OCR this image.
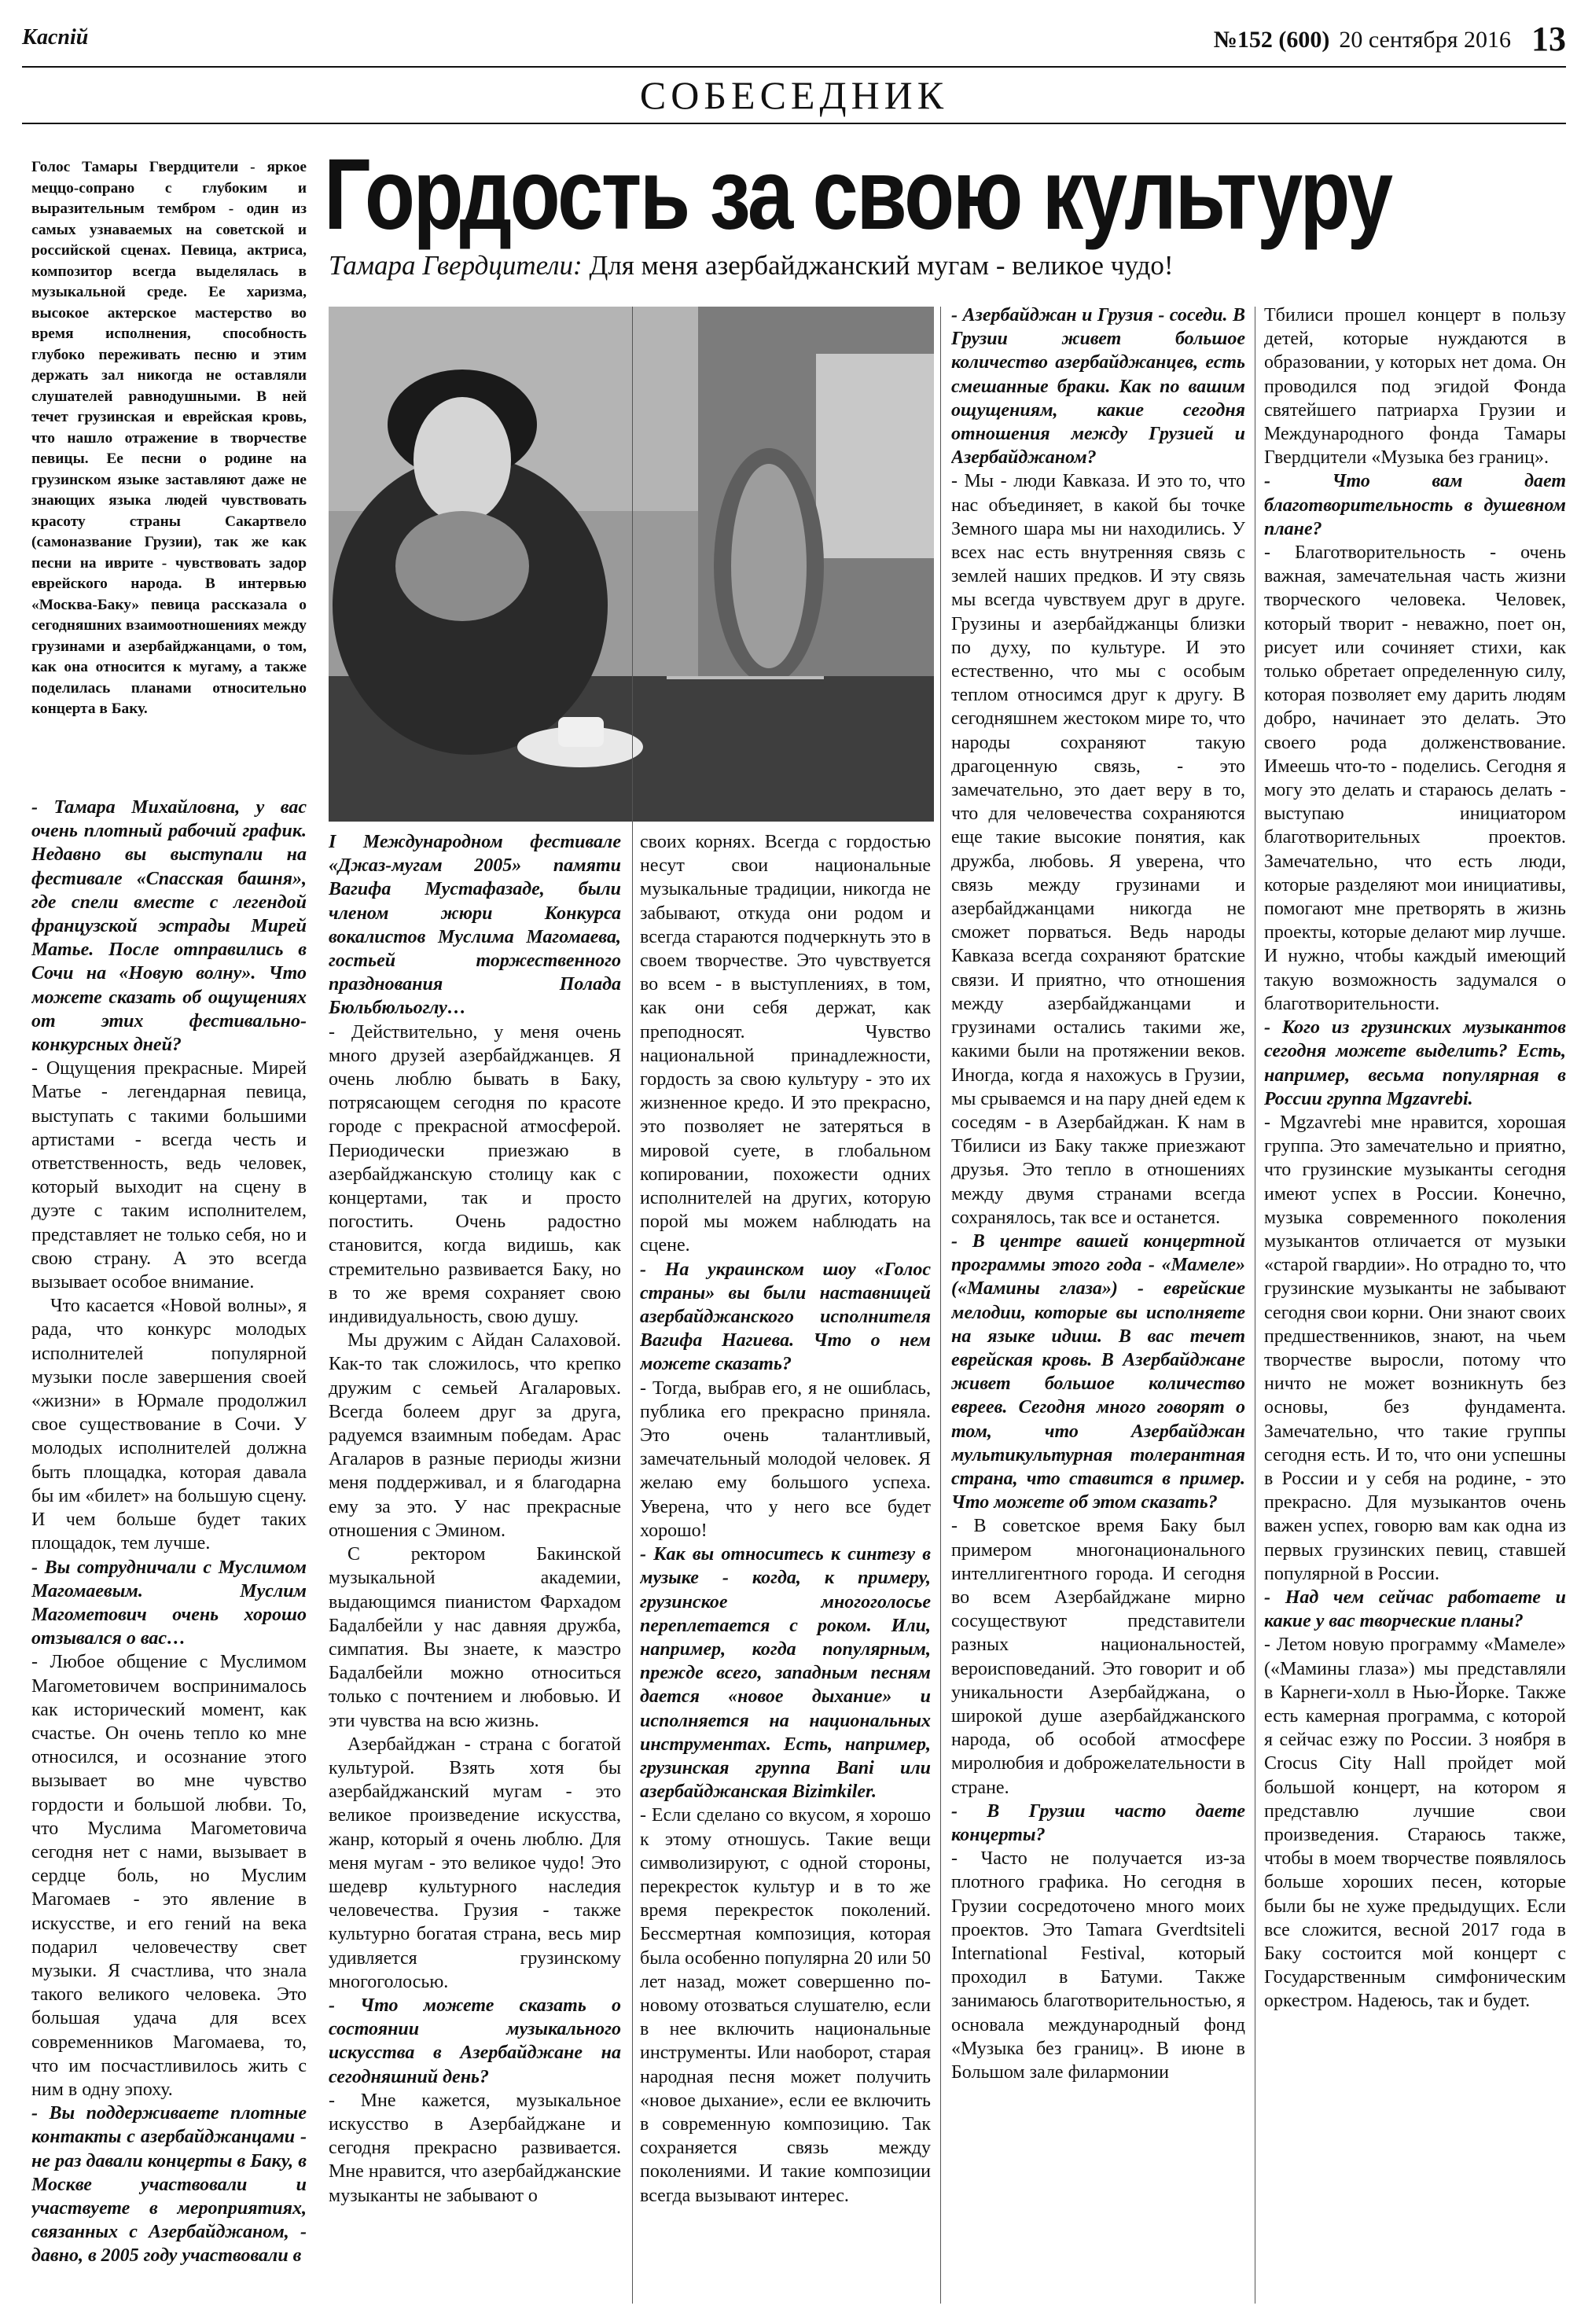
Каспій	№152 (600) 20 сентября 2016 13
СОБЕСЕДНИК
Голос Тамары Гвердцители - яркое меццо-сопрано с глубоким и выразительным тембром - один из самых узнаваемых на советской и российской сценах. Певица, актриса, композитор всегда выделялась в музыкальной среде. Ее харизма, высокое актерское мастерство во время исполнения, способность глубоко переживать песню и этим держать зал никогда не оставляли слушателей равнодушными. В ней течет грузинская и еврейская кровь, что нашло отражение в творчестве певицы. Ее песни о родине на грузинском языке заставляют даже не знающих языка людей чувствовать красоту страны Сакартвело (самоназвание Грузии), так же как песни на иврите - чувствовать задор еврейского народа. В интервью «Москва-Баку» певица рассказала о сегодняшних взаимоотношениях между грузинами и азербайджанцами, о том, как она относится к мугаму, а также поделилась планами относительно концерта в Баку.
Гордость за свою культуру
Тамара Гвердцители: Для меня азербайджанский мугам - великое чудо!

- Тамара Михайловна, у вас очень плотный рабочий график. Недавно вы выступали на фестивале «Спасская башня», где спели вместе с легендой французской эстрады Мирей Матье. После отправились в Сочи на «Новую волну». Что можете сказать об ощущениях от этих фестивально-конкурсных дней?

- Ощущения прекрасные. Мирей Матье - легендарная певица, выступать с такими большими артистами - всегда честь и ответственность, ведь человек, который выходит на сцену в дуэте с таким исполнителем, представляет не только себя, но и свою страну. А это всегда вызывает особое внимание.

Что касается «Новой волны», я рада, что конкурс молодых исполнителей популярной музыки после завершения своей «жизни» в Юрмале продолжил свое существование в Сочи. У молодых исполнителей должна быть площадка, которая давала бы им «билет» на большую сцену. И чем больше будет таких площадок, тем лучше.

- Вы сотрудничали с Муслимом Магомаевым. Муслим Магометович очень хорошо отзывался о вас…

- Любое общение с Муслимом Магометовичем воспринималось как исторический момент, как счастье. Он очень тепло ко мне относился, и осознание этого вызывает во мне чувство гордости и большой любви. То, что Муслима Магометовича сегодня нет с нами, вызывает в сердце боль, но Муслим Магомаев - это явление в искусстве, и его гений на века подарил человечеству свет музыки. Я счастлива, что знала такого великого человека. Это большая удача для всех современников Магомаева, то, что им посчастливилось жить с ним в одну эпоху.

- Вы поддерживаете плотные контакты с азербайджанцами - не раз давали концерты в Баку, в Москве участвовали и участвуете в мероприятиях, связанных с Азербайджаном, - давно, в 2005 году участвовали в

I Международном фестивале «Джаз-мугам 2005» памяти Вагифа Мустафазаде, были членом жюри Конкурса вокалистов Муслима Магомаева, гостьей торжественного празднования Полада Бюльбюльоглу…

- Действительно, у меня очень много друзей азербайджанцев. Я очень люблю бывать в Баку, потрясающем сегодня по красоте городе с прекрасной атмосферой. Периодически приезжаю в азербайджанскую столицу как с концертами, так и просто погостить. Очень радостно становится, когда видишь, как стремительно развивается Баку, но в то же время сохраняет свою индивидуальность, свою душу.

Мы дружим с Айдан Салаховой. Как-то так сложилось, что крепко дружим с семьей Агаларовых. Всегда болеем друг за друга, радуемся взаимным победам. Арас Агаларов в разные периоды жизни меня поддерживал, и я благодарна ему за это. У нас прекрасные отношения с Эмином.

С ректором Бакинской музыкальной академии, выдающимся пианистом Фархадом Бадалбейли у нас давняя дружба, симпатия. Вы знаете, к маэстро Бадалбейли можно относиться только с почтением и любовью. И эти чувства на всю жизнь.

Азербайджан - страна с богатой культурой. Взять хотя бы азербайджанский мугам - это великое произведение искусства, жанр, который я очень люблю. Для меня мугам - это великое чудо! Это шедевр культурного наследия человечества. Грузия - также культурно богатая страна, весь мир удивляется грузинскому многоголосью.

- Что можете сказать о состоянии музыкального искусства в Азербайджане на сегодняшний день?

- Мне кажется, музыкальное искусство в Азербайджане и сегодня прекрасно развивается. Мне нравится, что азербайджанские музыканты не забывают о

своих корнях. Всегда с гордостью несут свои национальные музыкальные традиции, никогда не забывают, откуда они родом и всегда стараются подчеркнуть это в своем творчестве. Это чувствуется во всем - в выступлениях, в том, как они себя держат, как преподносят. Чувство национальной принадлежности, гордость за свою культуру - это их жизненное кредо. И это прекрасно, это позволяет не затеряться в мировой суете, в глобальном копировании, похожести одних исполнителей на других, которую порой мы можем наблюдать на сцене.

- На украинском шоу «Голос страны» вы были наставницей азербайджанского исполнителя Вагифа Нагиева. Что о нем можете сказать?

- Тогда, выбрав его, я не ошиблась, публика его прекрасно приняла. Это очень талантливый, замечательный молодой человек. Я желаю ему большого успеха. Уверена, что у него все будет хорошо!

- Как вы относитесь к синтезу в музыке - когда, к примеру, грузинское многоголосье переплетается с роком. Или, например, когда популярным, прежде всего, западным песням дается «новое дыхание» и исполняется на национальных инструментах. Есть, например, грузинская группа Bani или азербайджанская Bizimkiler.

- Если сделано со вкусом, я хорошо к этому отношусь. Такие вещи символизируют, с одной стороны, перекресток культур и в то же время перекресток поколений. Бессмертная композиция, которая была особенно популярна 20 или 50 лет назад, может совершенно по-новому отозваться слушателю, если в нее включить национальные инструменты. Или наоборот, старая народная песня может получить «новое дыхание», если ее включить в современную композицию. Так сохраняется связь между поколениями. И такие композиции всегда вызывают интерес.

- Азербайджан и Грузия - соседи. В Грузии живет большое количество азербайджанцев, есть смешанные браки. Как по вашим ощущениям, какие сегодня отношения между Грузией и Азербайджаном?

- Мы - люди Кавказа. И это то, что нас объединяет, в какой бы точке Земного шара мы ни находились. У всех нас есть внутренняя связь с землей наших предков. И эту связь мы всегда чувствуем друг в друге. Грузины и азербайджанцы близки по духу, по культуре. И это естественно, что мы с особым теплом относимся друг к другу. В сегодняшнем жестоком мире то, что народы сохраняют такую драгоценную связь, - это замечательно, это дает веру в то, что для человечества сохраняются еще такие высокие понятия, как дружба, любовь. Я уверена, что связь между грузинами и азербайджанцами никогда не сможет порваться. Ведь народы Кавказа всегда сохраняют братские связи. И приятно, что отношения между азербайджанцами и грузинами остались такими же, какими были на протяжении веков. Иногда, когда я нахожусь в Грузии, мы срываемся и на пару дней едем к соседям - в Азербайджан. К нам в Тбилиси из Баку также приезжают друзья. Это тепло в отношениях между двумя странами всегда сохранялось, так все и останется.

- В центре вашей концертной программы этого года - «Мамеле» («Мамины глаза») - еврейские мелодии, которые вы исполняете на языке идиш. В вас течет еврейская кровь. В Азербайджане живет большое количество евреев. Сегодня много говорят о том, что Азербайджан мультикультурная толерантная страна, что ставится в пример. Что можете об этом сказать?

- В советское время Баку был примером многонационального интеллигентного города. И сегодня во всем Азербайджане мирно сосуществуют представители разных национальностей, вероисповеданий. Это говорит и об уникальности Азербайджана, о широкой душе азербайджанского народа, об особой атмосфере миролюбия и доброжелательности в стране.

- В Грузии часто даете концерты?

- Часто не получается из-за плотного графика. Но сегодня в Грузии сосредоточено много моих проектов. Это Tamara Gverdtsiteli International Festival, который проходил в Батуми. Также занимаюсь благотворительностью, я основала международный фонд «Музыка без границ». В июне в Большом зале филармонии

Тбилиси прошел концерт в пользу детей, которые нуждаются в образовании, у которых нет дома. Он проводился под эгидой Фонда святейшего патриарха Грузии и Международного фонда Тамары Гвердцители «Музыка без границ».

- Что вам дает благотворительность в душевном плане?

- Благотворительность - очень важная, замечательная часть жизни творческого человека. Человек, который творит - неважно, поет он, рисует или сочиняет стихи, как только обретает определенную силу, которая позволяет ему дарить людям добро, начинает это делать. Это своего рода долженствование. Имеешь что-то - поделись. Сегодня я могу это делать и стараюсь делать - выступаю инициатором благотворительных проектов. Замечательно, что есть люди, которые разделяют мои инициативы, помогают мне претворять в жизнь проекты, которые делают мир лучше. И нужно, чтобы каждый имеющий такую возможность задумался о благотворительности.

- Кого из грузинских музыкантов сегодня можете выделить? Есть, например, весьма популярная в России группа Mgzavrebi.

- Mgzavrebi мне нравится, хорошая группа. Это замечательно и приятно, что грузинские музыканты сегодня имеют успех в России. Конечно, музыка современного поколения музыкантов отличается от музыки «старой гвардии». Но отрадно то, что грузинские музыканты не забывают сегодня свои корни. Они знают своих предшественников, знают, на чьем творчестве выросли, потому что ничто не может возникнуть без основы, без фундамента. Замечательно, что такие группы сегодня есть. И то, что они успешны в России и у себя на родине, - это прекрасно. Для музыкантов очень важен успех, говорю вам как одна из первых грузинских певиц, ставшей популярной в России.

- Над чем сейчас работаете и какие у вас творческие планы?

- Летом новую программу «Мамеле» («Мамины глаза») мы представляли в Карнеги-холл в Нью-Йорке. Также есть камерная программа, с которой я сейчас езжу по России. 3 ноября в Crocus City Hall пройдет мой большой концерт, на котором я представлю лучшие свои произведения. Стараюсь также, чтобы в моем творчестве появлялось больше хороших песен, которые были бы не хуже предыдущих. Если все сложится, весной 2017 года в Баку состоится мой концерт с Государственным симфоническим оркестром. Надеюсь, так и будет.
